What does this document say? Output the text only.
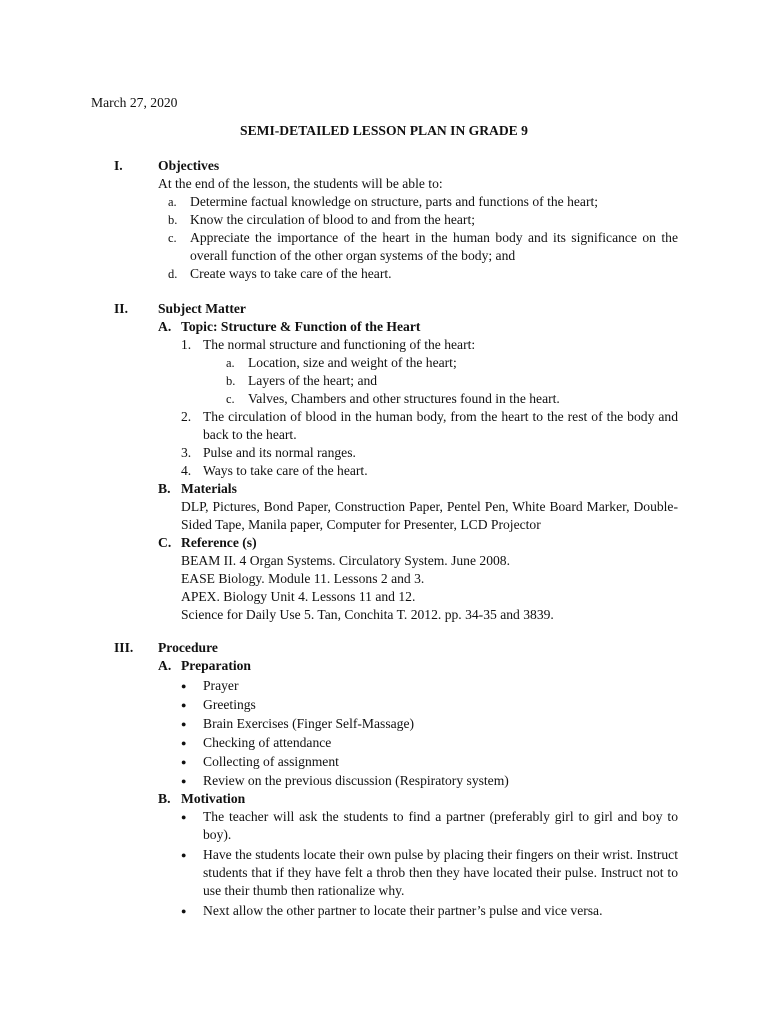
March 27, 2020
SEMI-DETAILED LESSON PLAN IN GRADE 9
I.	Objectives
At the end of the lesson, the students will be able to:
a. Determine factual knowledge on structure, parts and functions of the heart;
b. Know the circulation of blood to and from the heart;
c. Appreciate the importance of the heart in the human body and its significance on the overall function of the other organ systems of the body; and
d. Create ways to take care of the heart.
II. Subject Matter
A. Topic: Structure & Function of the Heart
1. The normal structure and functioning of the heart:
a. Location, size and weight of the heart;
b. Layers of the heart; and
c. Valves, Chambers and other structures found in the heart.
2. The circulation of blood in the human body, from the heart to the rest of the body and back to the heart.
3. Pulse and its normal ranges.
4. Ways to take care of the heart.
B. Materials
DLP, Pictures, Bond Paper, Construction Paper, Pentel Pen, White Board Marker, Double-Sided Tape, Manila paper, Computer for Presenter, LCD Projector
C. Reference (s)
BEAM II. 4 Organ Systems. Circulatory System. June 2008.
EASE Biology. Module 11. Lessons 2 and 3.
APEX. Biology Unit 4. Lessons 11 and 12.
Science for Daily Use 5. Tan, Conchita T. 2012. pp. 34-35 and 3839.
III. Procedure
A. Preparation
●	Prayer
●	Greetings
●	Brain Exercises (Finger Self-Massage)
●	Checking of attendance
●	Collecting of assignment
●	Review on the previous discussion (Respiratory system)
B. Motivation
●	The teacher will ask the students to find a partner (preferably girl to girl and boy to boy).
●	Have the students locate their own pulse by placing their fingers on their wrist. Instruct students that if they have felt a throb then they have located their pulse. Instruct not to use their thumb then rationalize why.
●	Next allow the other partner to locate their partner’s pulse and vice versa.
